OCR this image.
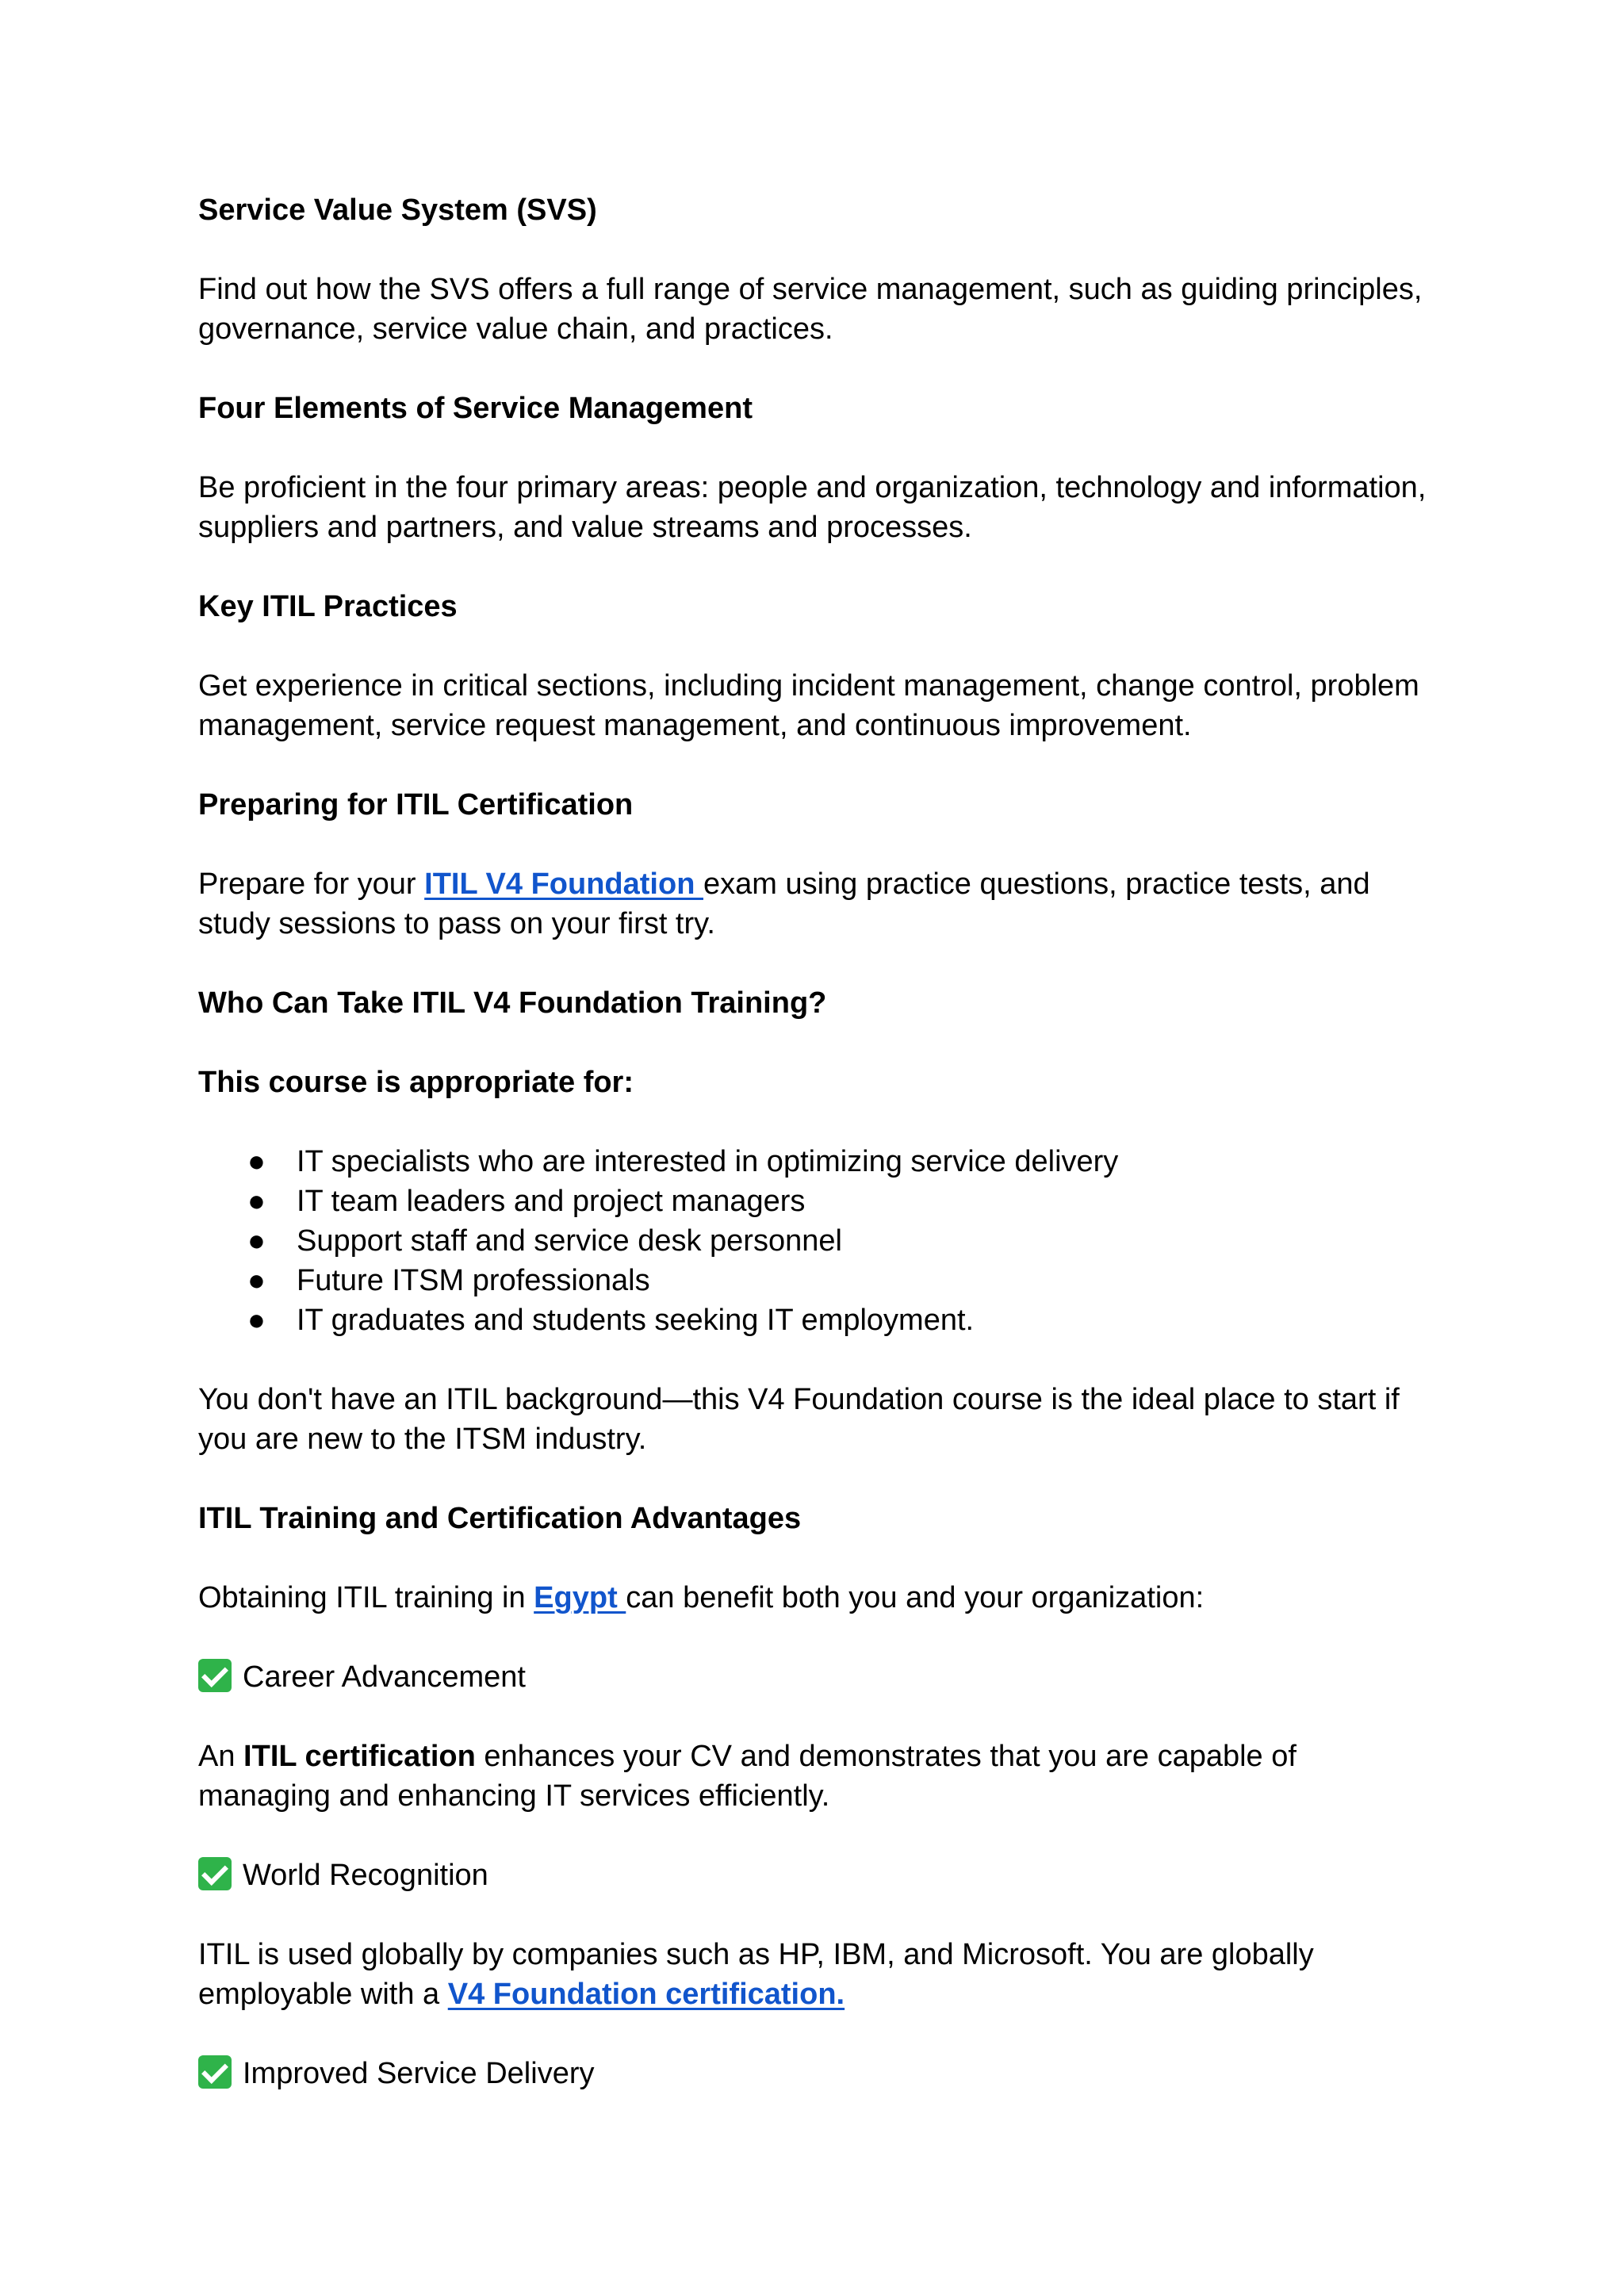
Service Value System (SVS)

Find out how the SVS offers a full range of service management, such as guiding principles, governance, service value chain, and practices.

Four Elements of Service Management

Be proficient in the four primary areas: people and organization, technology and information, suppliers and partners, and value streams and processes.

Key ITIL Practices

Get experience in critical sections, including incident management, change control, problem management, service request management, and continuous improvement.

Preparing for ITIL Certification

Prepare for your ITIL V4 Foundation exam using practice questions, practice tests, and study sessions to pass on your first try.

Who Can Take ITIL V4 Foundation Training?

This course is appropriate for:

● IT specialists who are interested in optimizing service delivery
● IT team leaders and project managers
● Support staff and service desk personnel
● Future ITSM professionals
● IT graduates and students seeking IT employment.

You don't have an ITIL background—this V4 Foundation course is the ideal place to start if you are new to the ITSM industry.

ITIL Training and Certification Advantages

Obtaining ITIL training in Egypt can benefit both you and your organization:

Career Advancement

An ITIL certification enhances your CV and demonstrates that you are capable of managing and enhancing IT services efficiently.

World Recognition

ITIL is used globally by companies such as HP, IBM, and Microsoft. You are globally employable with a V4 Foundation certification.

Improved Service Delivery
